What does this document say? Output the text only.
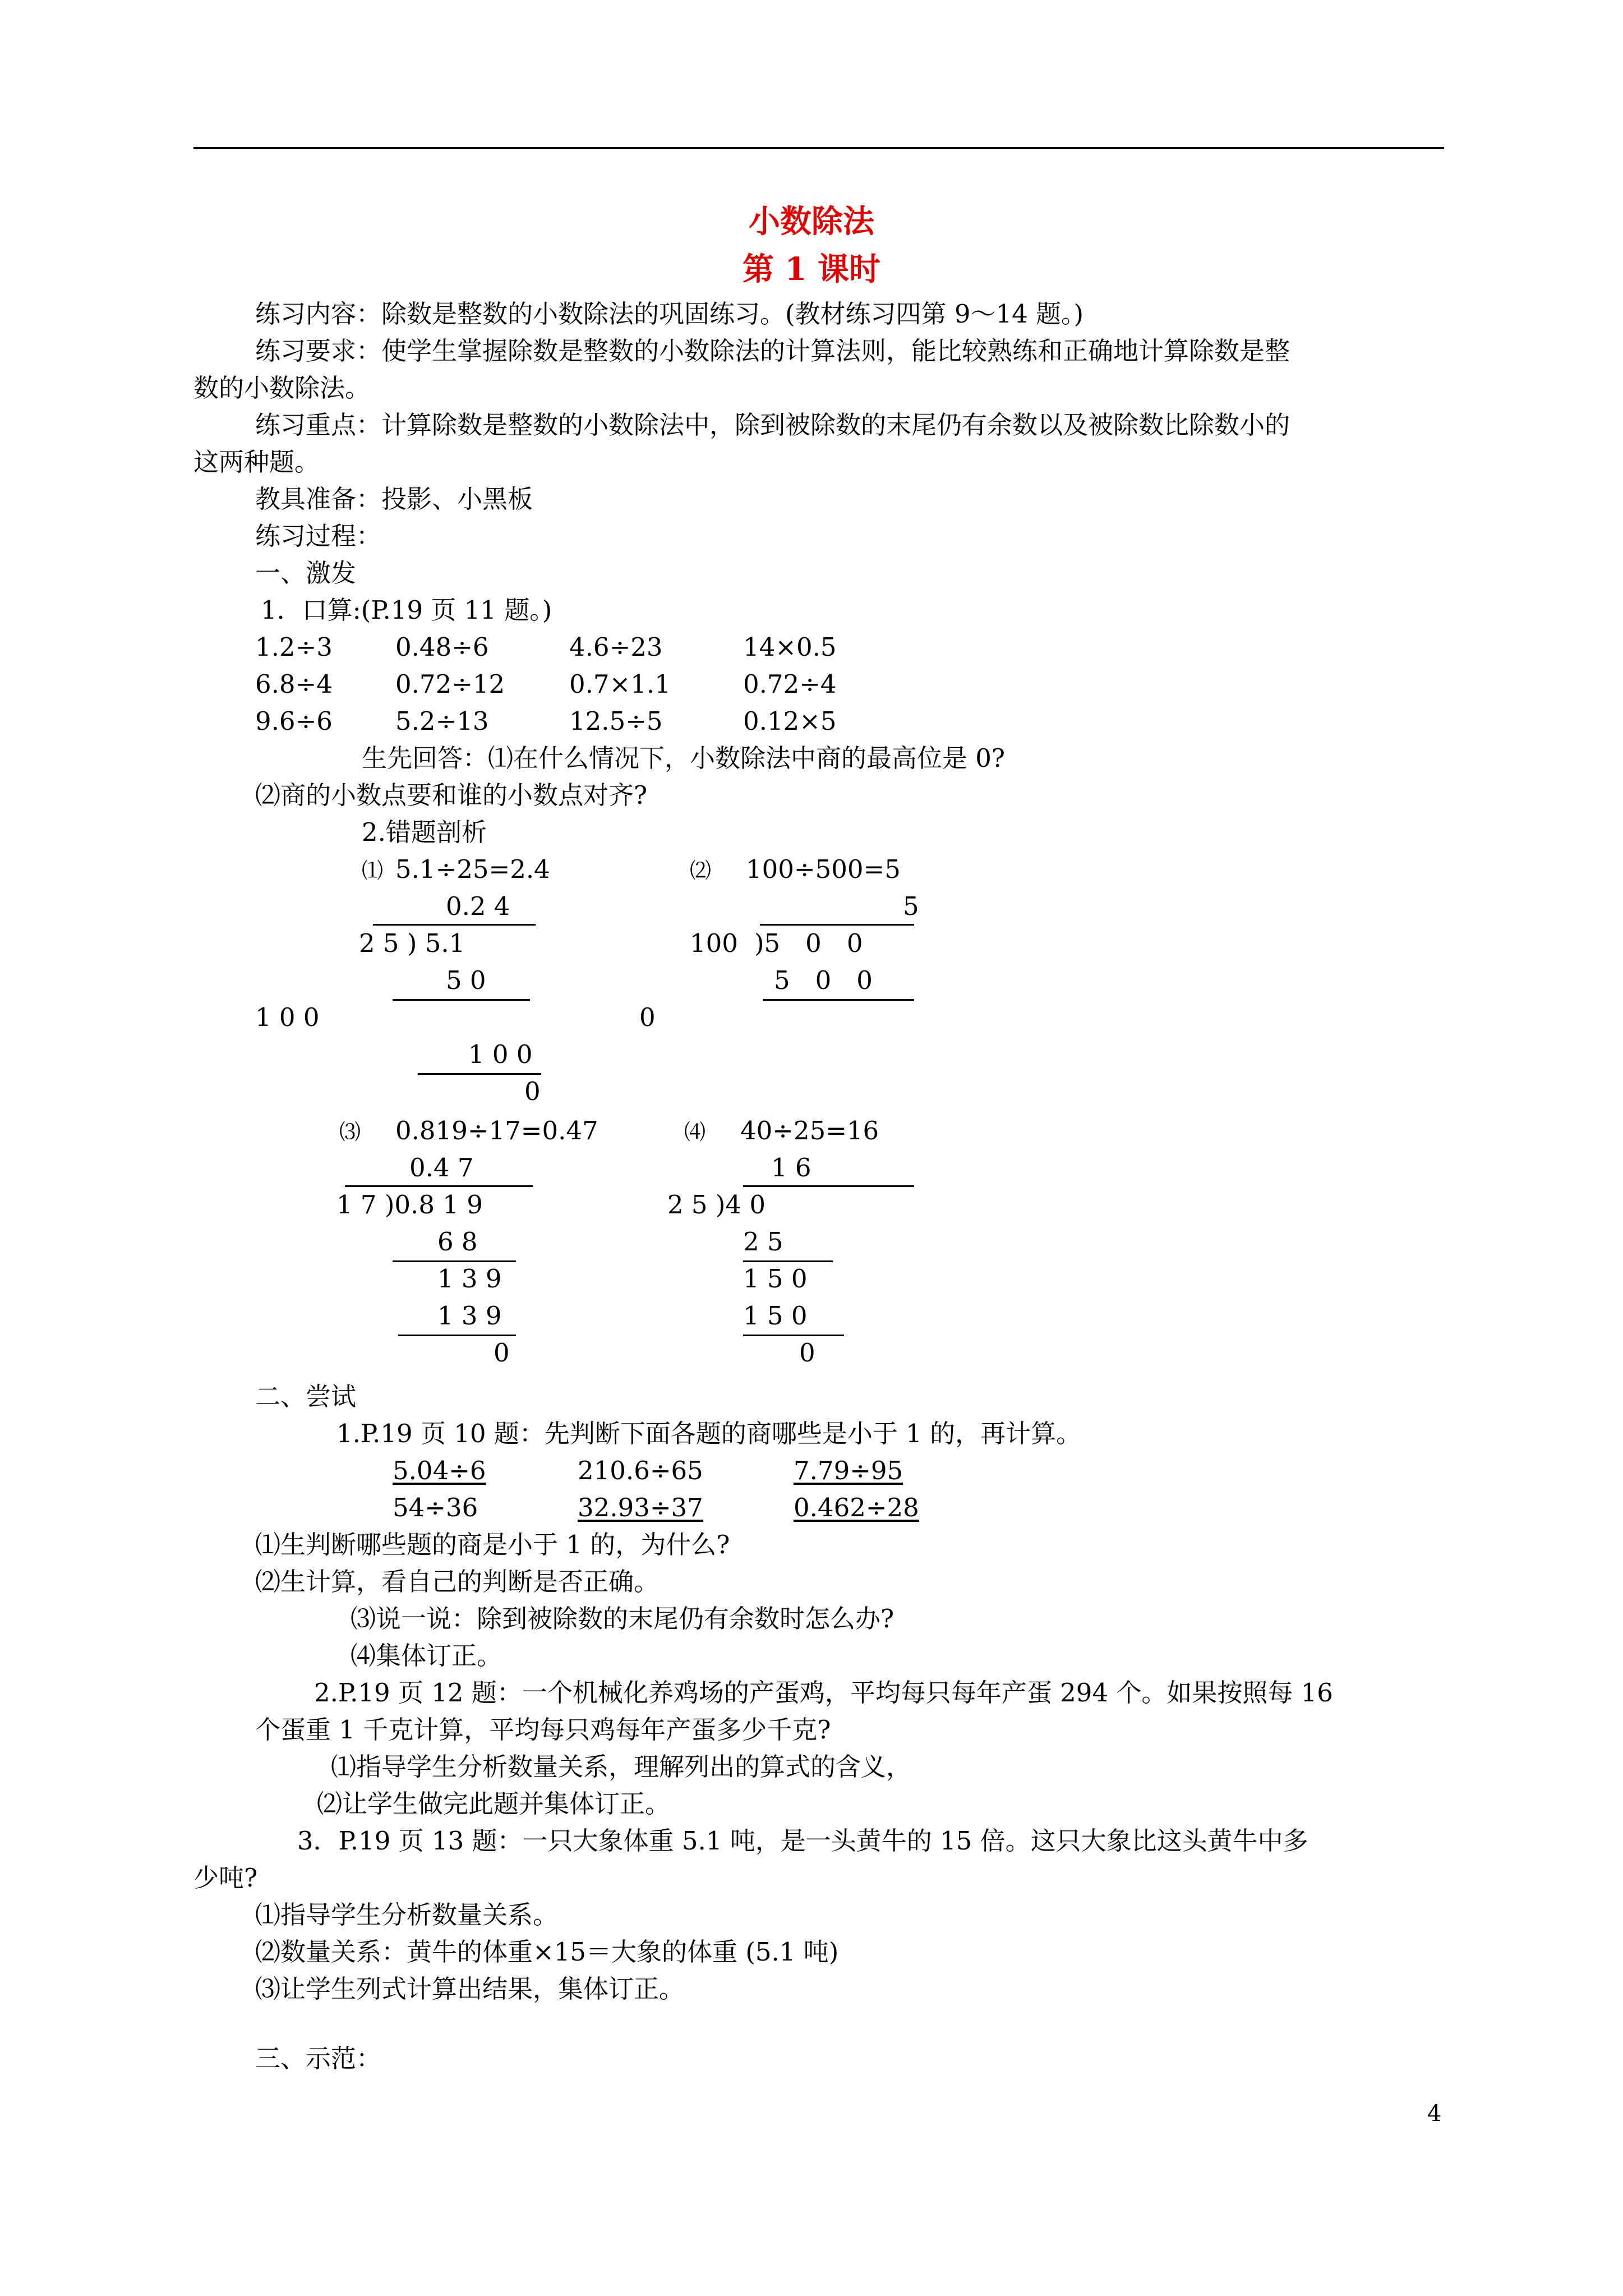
小数除法
第 1 课时
练习内容：除数是整数的小数除法的巩固练习。(教材练习四第 9～14 题。)
练习要求：使学生掌握除数是整数的小数除法的计算法则，能比较熟练和正确地计算除数是整
数的小数除法。
练习重点：计算除数是整数的小数除法中，除到被除数的末尾仍有余数以及被除数比除数小的
这两种题。
教具准备：投影、小黑板
练习过程：
一、激发
1．口算:(P.19 页 11 题。)
1.2÷3 0.48÷6	4.6÷23	14×0.5
6.8÷4 0.72÷12	0.7×1.1	0.72÷4
9.6÷6 5.2÷13	12.5÷5	0.12×5
生先回答：⑴在什么情况下，小数除法中商的最高位是 0?
⑵商的小数点要和谁的小数点对齐?
2.错题剖析
⑴ 5.1÷25=2.4
0.2 4
2 5 ) 5.1
5 0
1 0 0
1 0 0
0
⑵ 100÷500=5
5
100 )5　0　0
5　0　0
0
⑶ 0.819÷17=0.47
0.4 7
1 7 )0.8 1 9
6 8
1 3 9
1 3 9
0
⑷ 40÷25=16
1 6
2 5 )4 0
2 5
1 5 0
1 5 0
0
二、尝试
1.P.19 页 10 题：先判断下面各题的商哪些是小于 1 的，再计算。
5.04÷6	210.6÷65	7.79÷95
54÷36	32.93÷37	0.462÷28
⑴生判断哪些题的商是小于 1 的，为什么?
⑵生计算，看自己的判断是否正确。
⑶说一说：除到被除数的末尾仍有余数时怎么办?
⑷集体订正。
2.P.19 页 12 题：一个机械化养鸡场的产蛋鸡，平均每只每年产蛋 294 个。如果按照每 16
个蛋重 1 千克计算，平均每只鸡每年产蛋多少千克?
⑴指导学生分析数量关系，理解列出的算式的含义，
⑵让学生做完此题并集体订正。
3．P.19 页 13 题：一只大象体重 5.1 吨，是一头黄牛的 15 倍。这只大象比这头黄牛中多
少吨?
⑴指导学生分析数量关系。
⑵数量关系：黄牛的体重×15＝大象的体重 (5.1 吨)
⑶让学生列式计算出结果，集体订正。
三、示范：
4
